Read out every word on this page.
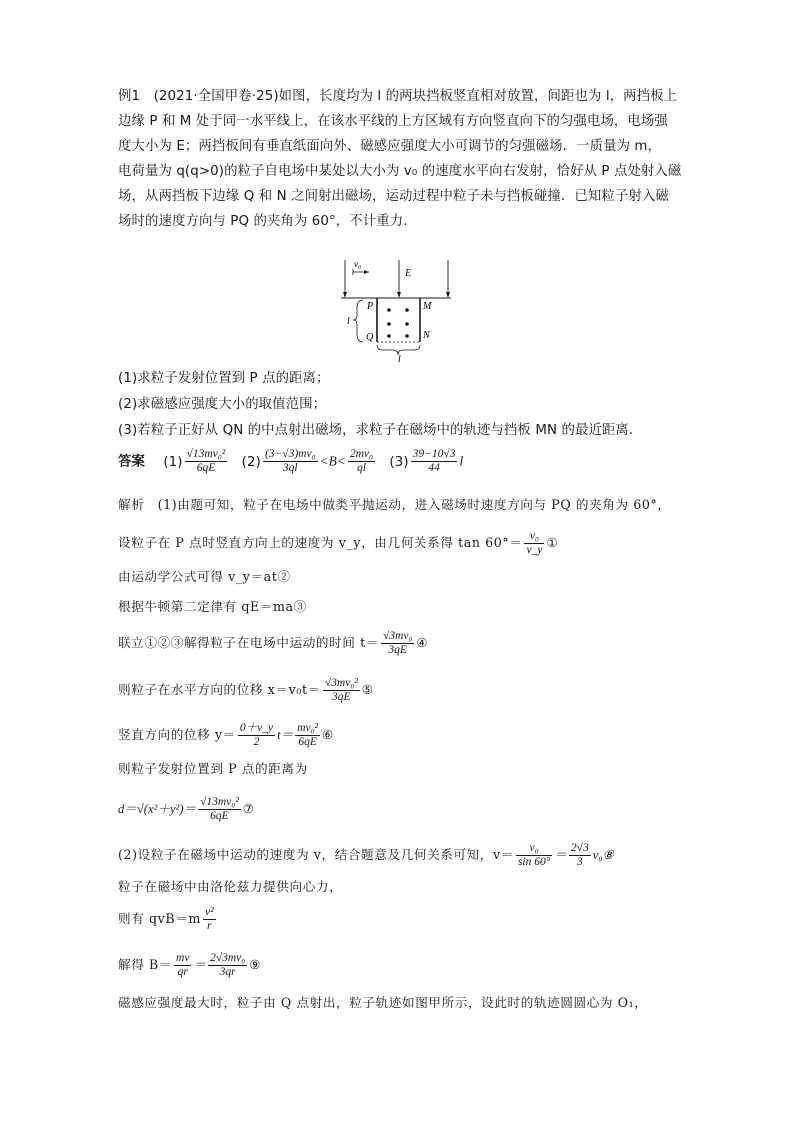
例1　(2021·全国甲卷·25)如图，长度均为 l 的两块挡板竖直相对放置，间距也为 l，两挡板上
边缘 P 和 M 处于同一水平线上，在该水平线的上方区域有方向竖直向下的匀强电场，电场强
度大小为 E；两挡板间有垂直纸面向外、磁感应强度大小可调节的匀强磁场．一质量为 m，
电荷量为 q(q>0)的粒子自电场中某处以大小为 v₀ 的速度水平向右发射，恰好从 P 点处射入磁
场，从两挡板下边缘 Q 和 N 之间射出磁场，运动过程中粒子未与挡板碰撞．已知粒子射入磁
场时的速度方向与 PQ 的夹角为 60°，不计重力．
v₀
E
P	M
Q	N
l
l
(1)求粒子发射位置到 P 点的距离；
(2)求磁感应强度大小的取值范围；
(3)若粒子正好从 QN 的中点射出磁场，求粒子在磁场中的轨迹与挡板 MN 的最近距离．
答案 $(1) \frac{\text{√13mv₀²}}{6qE} (2) \frac{\text{(3−√3)mv₀}}{3ql} <B< \frac{\text{2mv₀}}{ql} (3) \frac{39-10√3}{44}$ l
解析　(1)由题可知，粒子在电场中做类平抛运动，进入磁场时速度方向与 PQ 的夹角为 60°，
设粒子在 P 点时竖直方向上的速度为 v_y，由几何关系得 $\tan 60^\circ= \frac{\text{v₀}}{v\_y}$ ①
由运动学公式可得 v_y＝at②
根据牛顿第二定律有 qE＝ma③
联立①②③解得粒子在电场中运动的时间 $t= \frac{\text{√3mv₀}}{3qE}$ ④
则粒子在水平方向的位移 $x=v_0t= \frac{\text{√3mv₀²}}{3qE}$ ⑤
竖直方向的位移 $y= \frac{0+v\_y}{2} t= \frac{\text{mv₀²}}{6qE}$ ⑥
则粒子发射位置到 P 点的距离为
$d=√(x^2+y^2)= \frac{\text{√13mv₀²}}{6qE}$ ⑦
(2)设粒子在磁场中运动的速度为 v，结合题意及几何关系可知，$v= \frac{\text{v₀}}{\sin 60^\circ} = \frac{2√3}{3}$ v₀⑧
粒子在磁场中由洛伦兹力提供向心力，
则有 $qvB=m \frac{\text{v²}}{r}$
解得 $B= \frac{mv}{qr} = \frac{\text{2√3mv₀}}{3qr}$ ⑨
磁感应强度最大时，粒子由 Q 点射出，粒子轨迹如图甲所示，设此时的轨迹圆圆心为 O₁，
